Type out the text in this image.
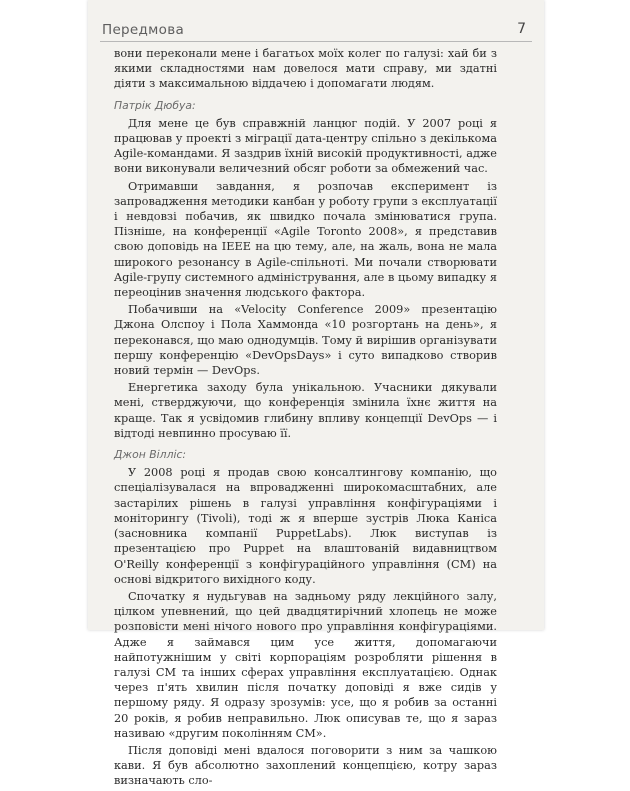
Передмова	7

вони переконали мене і багатьох моїх колег по галузі: хай би з якими складностями нам довелося мати справу, ми здатні діяти з максимальною віддачею і допомагати людям.

Патрік Дюбуа:

Для мене це був справжній ланцюг подій. У 2007 році я працював у проекті з міграції дата-центру спільно з декількома Agile-командами. Я заздрив їхній високій продуктивності, адже вони виконували величезний обсяг роботи за обмежений час.

Отримавши завдання, я розпочав експеримент із запровадження методики канбан у роботу групи з експлуатації і невдовзі побачив, як швидко почала змінюватися група. Пізніше, на конференції «Agile Toronto 2008», я представив свою доповідь на IEEE на цю тему, але, на жаль, вона не мала широкого резонансу в Agile-спільноті. Ми почали створювати Agile-групу системного адміністрування, але в цьому випадку я переоцінив значення людського фактора.

Побачивши на «Velocity Conference 2009» презентацію Джона Олспоу і Пола Хаммонда «10 розгортань на день», я переконався, що маю однодумців. Тому й вирішив організувати першу конференцію «DevOpsDays» і суто випадково створив новий термін — DevOps.

Енергетика заходу була унікальною. Учасники дякували мені, стверджуючи, що конференція змінила їхнє життя на краще. Так я усвідомив глибину впливу концепції DevOps — і відтоді невпинно просуваю її.

Джон Вілліс:

У 2008 році я продав свою консалтингову компанію, що спеціалізувалася на впровадженні широкомасштабних, але застарілих рішень в галузі управління конфігураціями і моніторингу (Tivoli), тоді ж я вперше зустрів Люка Каніса (засновника компанії PuppetLabs). Люк виступав із презентацією про Puppet на влаштованій видавництвом O'Reilly конференції з конфігураційного управління (CM) на основі відкритого вихідного коду.

Спочатку я нудьгував на задньому ряду лекційного залу, цілком упевнений, що цей двадцятирічний хлопець не може розповісти мені нічого нового про управління конфігураціями. Адже я займався цим усе життя, допомагаючи найпотужнішим у світі корпораціям розробляти рішення в галузі CM та інших сферах управління експлуатацією. Однак через п'ять хвилин після початку доповіді я вже сидів у першому ряду. Я одразу зрозумів: усе, що я робив за останні 20 років, я робив неправильно. Люк описував те, що я зараз називаю «другим поколінням CM».

Після доповіді мені вдалося поговорити з ним за чашкою кави. Я був абсолютно захоплений концепцією, котру зараз визначають сло-
